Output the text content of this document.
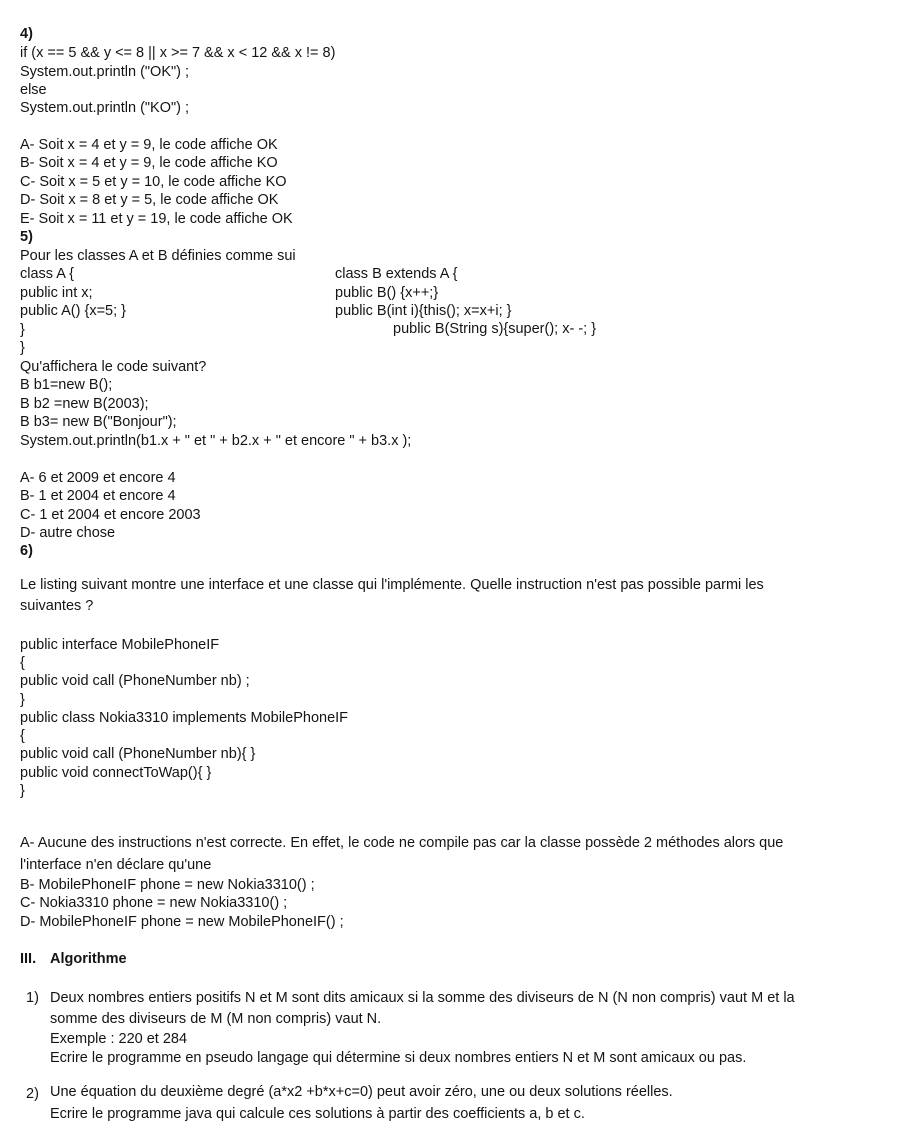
4)
if (x == 5 && y <= 8 || x >= 7 && x < 12 && x != 8)
System.out.println ("OK") ;
else
System.out.println ("KO") ;
A- Soit x = 4 et y = 9, le code affiche OK
B- Soit x = 4 et y = 9, le code affiche KO
C- Soit x = 5 et y = 10, le code affiche KO
D- Soit x = 8 et y = 5, le code affiche OK
E- Soit x = 11 et y = 19, le code affiche OK
5)
Pour les classes A et B définies comme sui
class A {
public int x;
public A() {x=5; }
}
}
class B extends A {
public B() {x++;}
public B(int i){this(); x=x+i; }
public B(String s){super(); x- -; }
Qu'affichera le code suivant?
B b1=new B();
B b2 =new B(2003);
B b3= new B("Bonjour");
System.out.println(b1.x + " et " + b2.x + " et encore " + b3.x );
A- 6 et 2009 et encore 4
B- 1 et 2004 et encore 4
C- 1 et 2004 et encore 2003
D- autre chose
6)
Le listing suivant montre une interface et une classe qui l'implémente. Quelle instruction n'est pas possible parmi les
suivantes ?
public interface MobilePhoneIF
{
public void call (PhoneNumber nb) ;
}
public class Nokia3310 implements MobilePhoneIF
{
public void call (PhoneNumber nb){ }
public void connectToWap(){ }
}
A- Aucune des instructions n'est correcte. En effet, le code ne compile pas car la classe possède 2 méthodes alors que
l'interface n'en déclare qu'une
B- MobilePhoneIF phone = new Nokia3310() ;
C- Nokia3310 phone = new Nokia3310() ;
D- MobilePhoneIF phone = new MobilePhoneIF() ;
III. Algorithme
1) Deux nombres entiers positifs N et M sont dits amicaux si la somme des diviseurs de N (N non compris) vaut M et la
somme des diviseurs de M (M non compris) vaut N.
Exemple : 220 et 284
Ecrire le programme en pseudo langage qui détermine si deux nombres entiers N et M sont amicaux ou pas.
2) Une équation du deuxième degré (a*x2 +b*x+c=0) peut avoir zéro, une ou deux solutions réelles.
Ecrire le programme java qui calcule ces solutions à partir des coefficients a, b et c.
